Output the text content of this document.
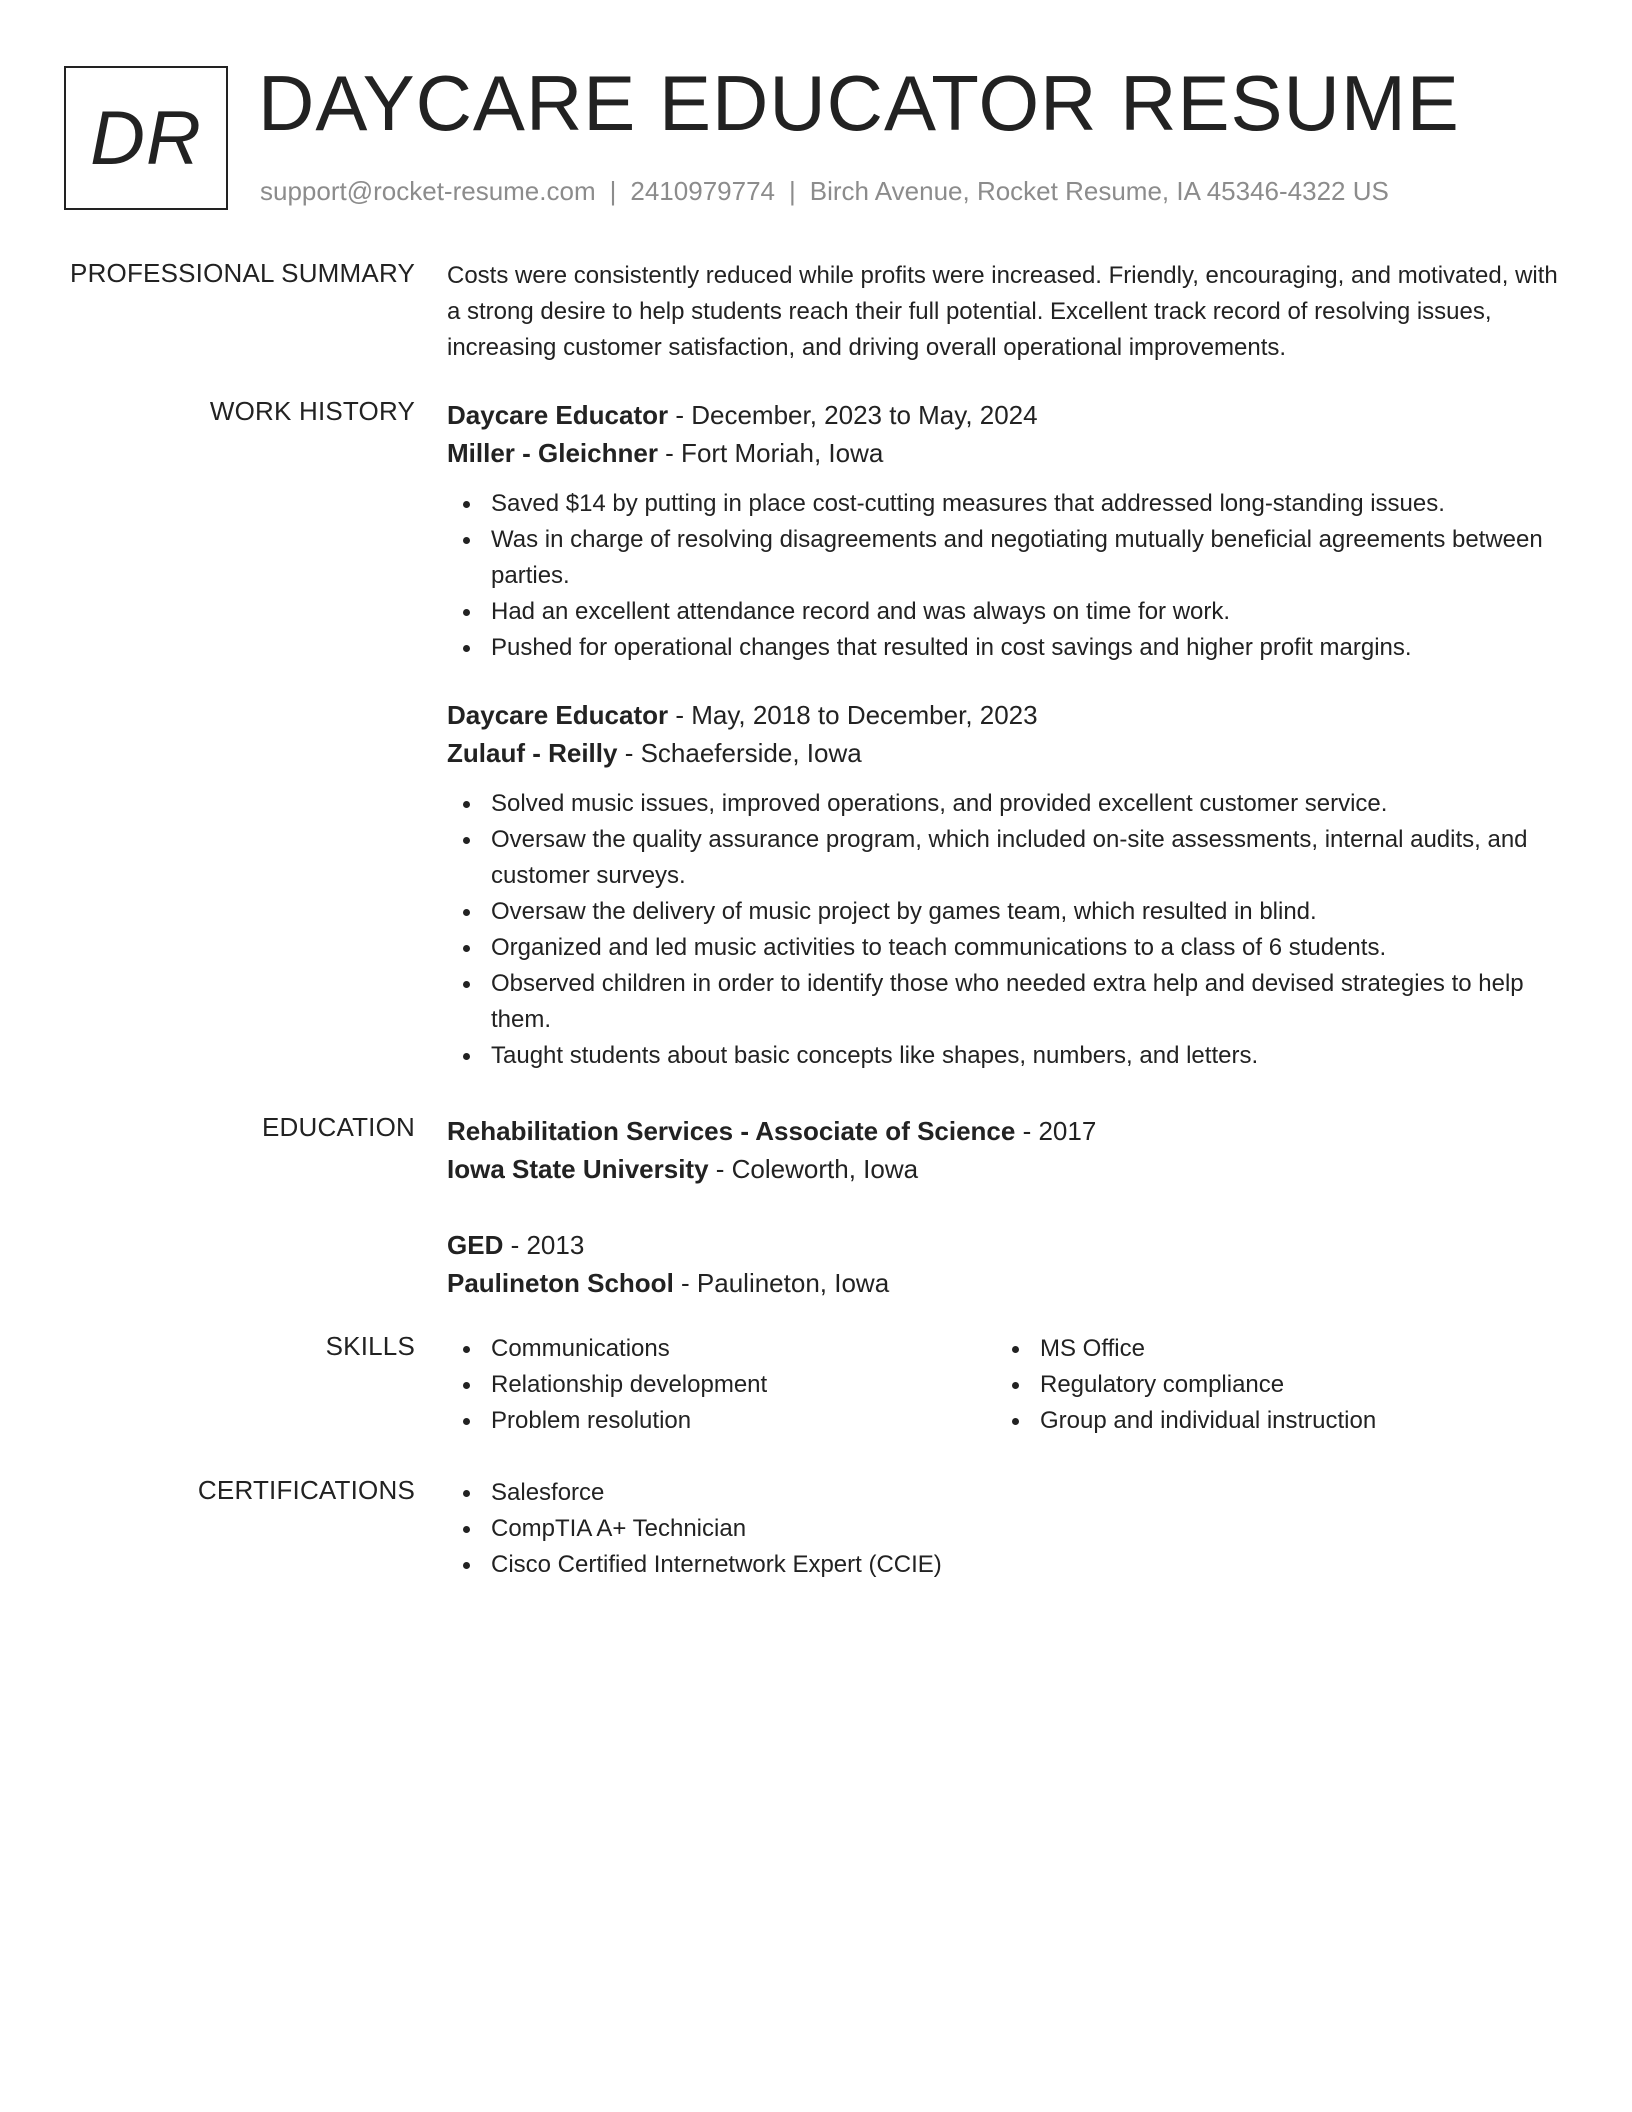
DR DAYCARE EDUCATOR RESUME
support@rocket-resume.com | 2410979774 | Birch Avenue, Rocket Resume, IA 45346-4322 US
PROFESSIONAL SUMMARY Costs were consistently reduced while profits were increased. Friendly, encouraging, and motivated, with a strong desire to help students reach their full potential. Excellent track record of resolving issues, increasing customer satisfaction, and driving overall operational improvements.

WORK HISTORY Daycare Educator - December, 2023 to May, 2024
Miller - Gleichner - Fort Moriah, Iowa
Saved $14 by putting in place cost-cutting measures that addressed long-standing issues.
Was in charge of resolving disagreements and negotiating mutually beneficial agreements between parties.
Had an excellent attendance record and was always on time for work.
Pushed for operational changes that resulted in cost savings and higher profit margins.
Daycare Educator - May, 2018 to December, 2023
Zulauf - Reilly - Schaeferside, Iowa
Solved music issues, improved operations, and provided excellent customer service.
Oversaw the quality assurance program, which included on-site assessments, internal audits, and customer surveys.
Oversaw the delivery of music project by games team, which resulted in blind.
Organized and led music activities to teach communications to a class of 6 students.
Observed children in order to identify those who needed extra help and devised strategies to help them.
Taught students about basic concepts like shapes, numbers, and letters.
EDUCATION Rehabilitation Services - Associate of Science - 2017
Iowa State University - Coleworth, Iowa
GED - 2013
Paulineton School - Paulineton, Iowa
SKILLS	Communications
Relationship development
Problem resolution
MS Office
Regulatory compliance
Group and individual instruction
CERTIFICATIONS	Salesforce
CompTIA A+ Technician
Cisco Certified Internetwork Expert (CCIE)
